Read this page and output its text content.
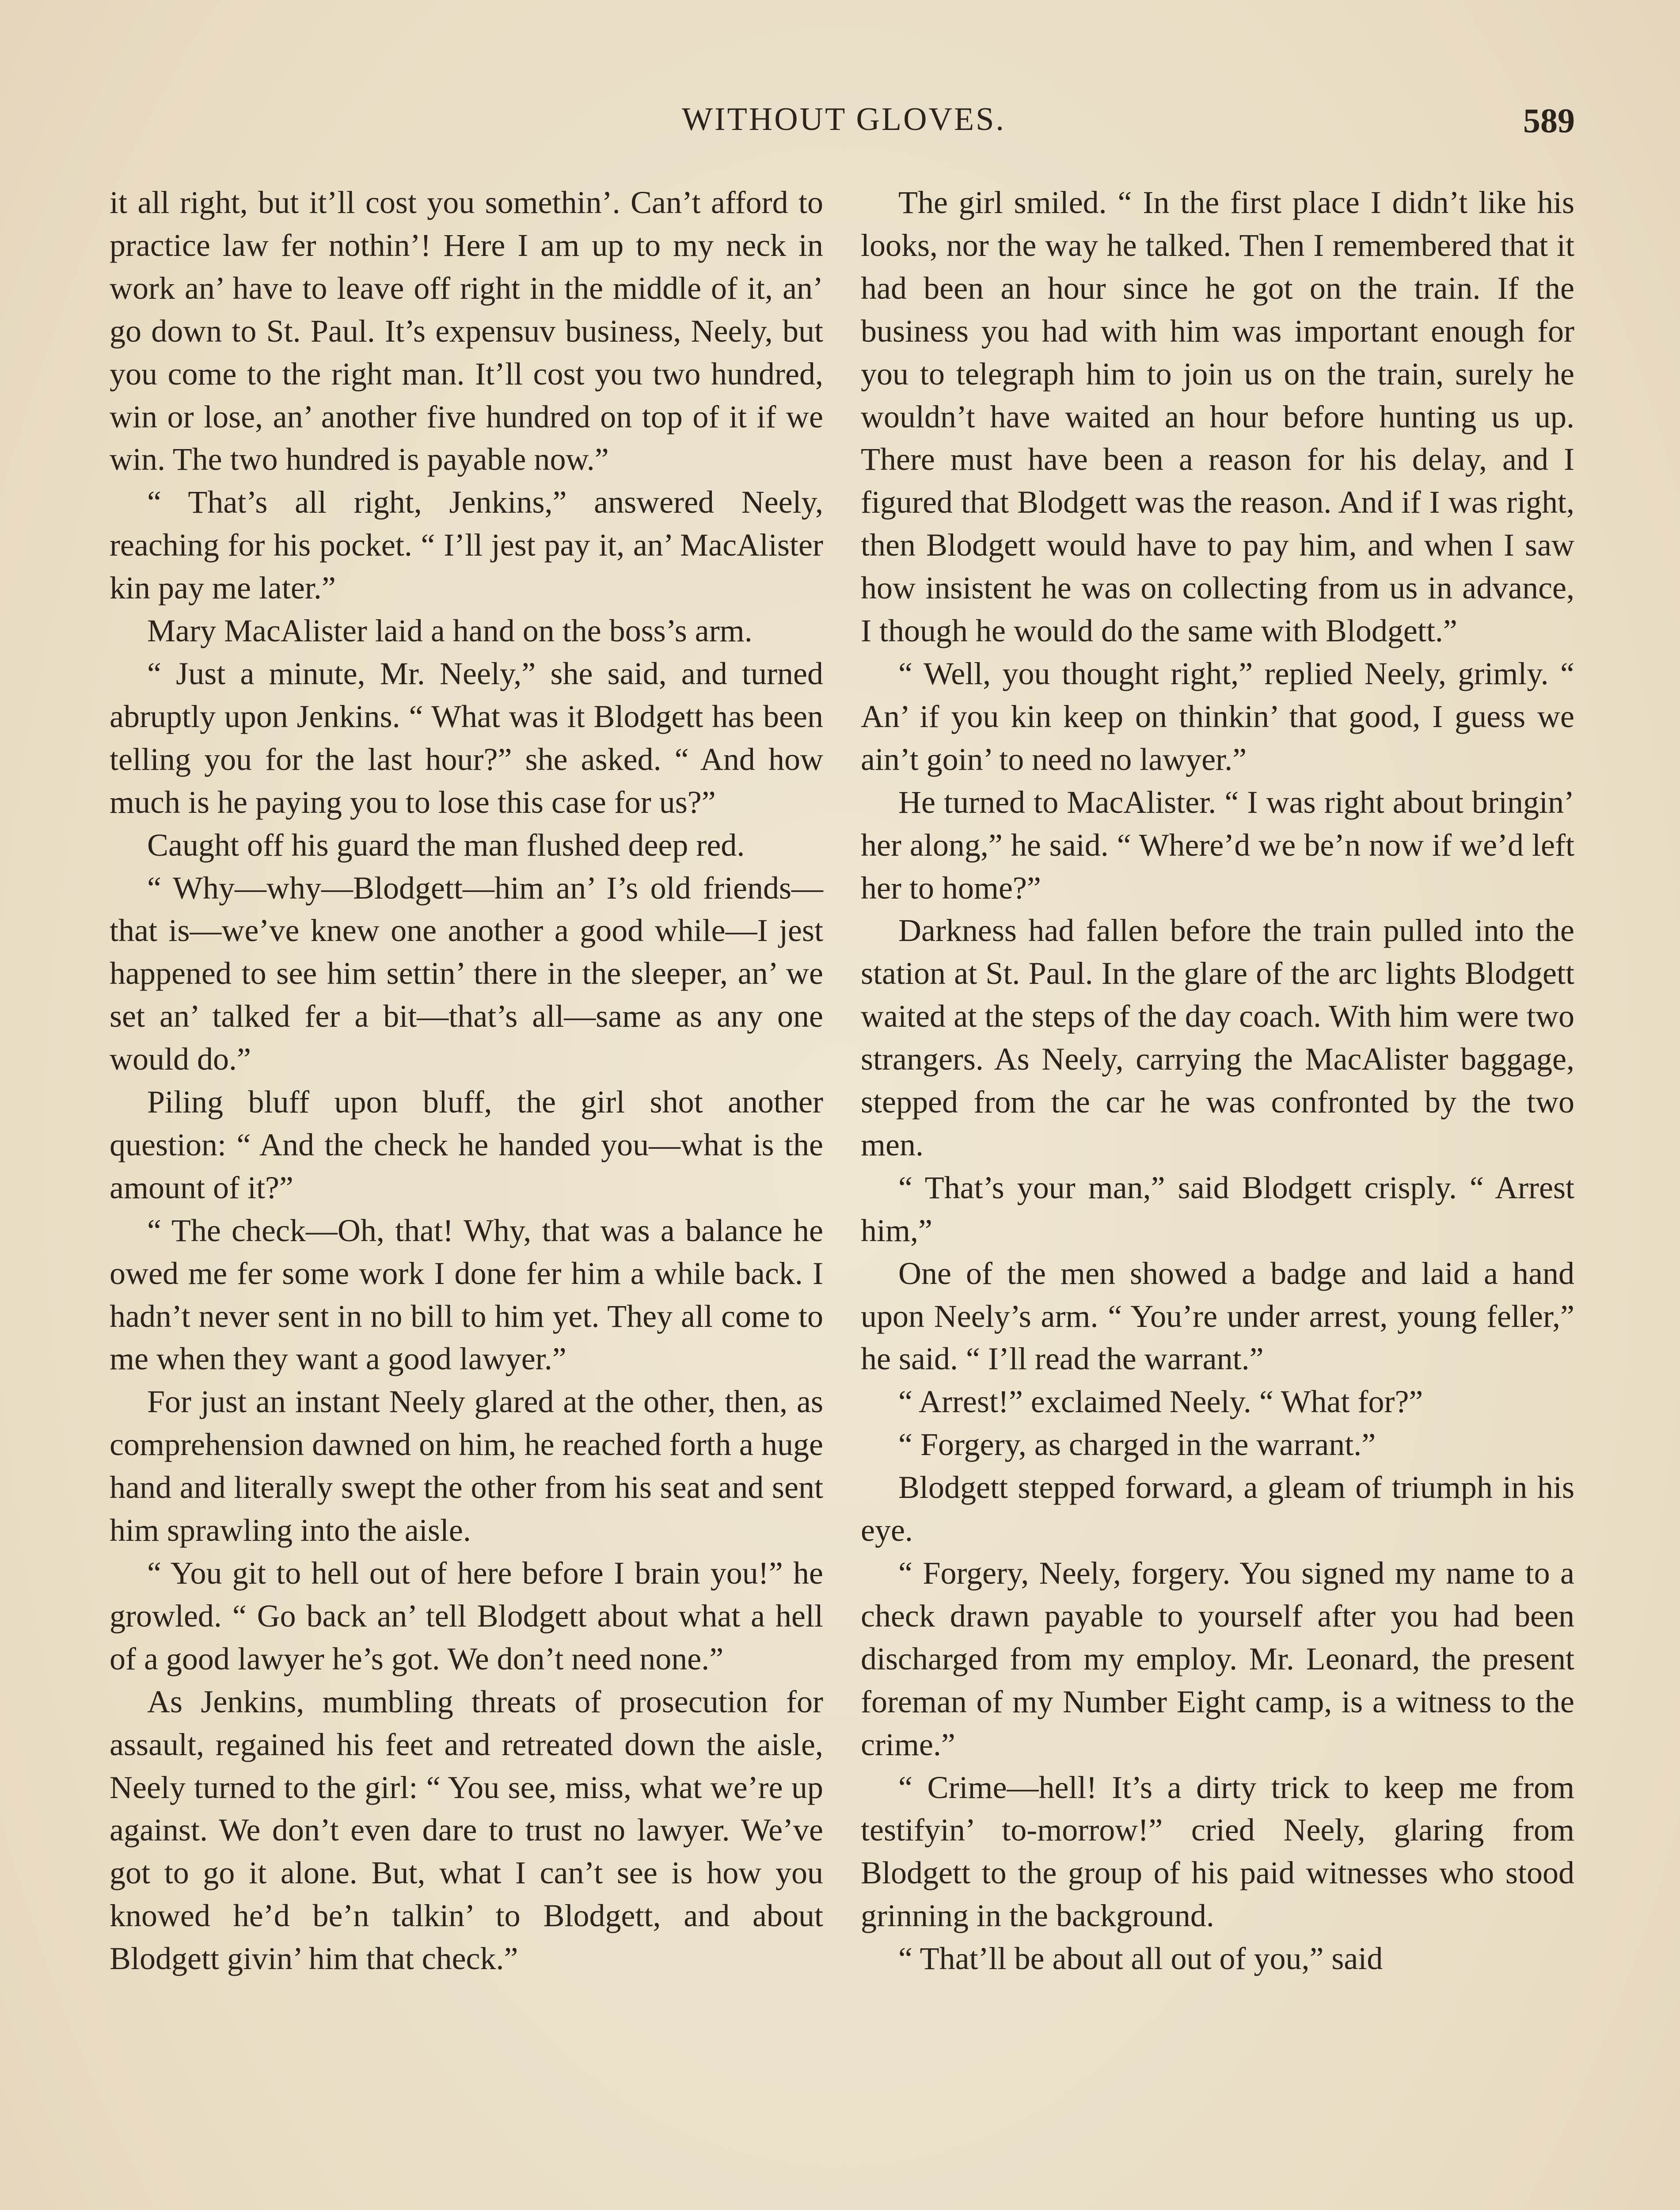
WITHOUT GLOVES.	589

it all right, but it’ll cost you somethin’. Can’t afford to practice law fer nothin’! Here I am up to my neck in work an’ have to leave off right in the middle of it, an’ go down to St. Paul. It’s expensuv business, Neely, but you come to the right man. It’ll cost you two hundred, win or lose, an’ another five hundred on top of it if we win. The two hundred is payable now.”

“ That’s all right, Jenkins,” answered Neely, reaching for his pocket. “ I’ll jest pay it, an’ MacAlister kin pay me later.”

Mary MacAlister laid a hand on the boss’s arm.

“ Just a minute, Mr. Neely,” she said, and turned abruptly upon Jenkins. “ What was it Blodgett has been telling you for the last hour?” she asked. “ And how much is he paying you to lose this case for us?”

Caught off his guard the man flushed deep red.

“ Why—why—Blodgett—him an’ I’s old friends—that is—we’ve knew one another a good while—I jest happened to see him settin’ there in the sleeper, an’ we set an’ talked fer a bit—that’s all—same as any one would do.”

Piling bluff upon bluff, the girl shot another question: “ And the check he handed you—what is the amount of it?”

“ The check—Oh, that! Why, that was a balance he owed me fer some work I done fer him a while back. I hadn’t never sent in no bill to him yet. They all come to me when they want a good lawyer.”

For just an instant Neely glared at the other, then, as comprehension dawned on him, he reached forth a huge hand and literally swept the other from his seat and sent him sprawling into the aisle.

“ You git to hell out of here before I brain you!” he growled. “ Go back an’ tell Blodgett about what a hell of a good lawyer he’s got. We don’t need none.”

As Jenkins, mumbling threats of prosecution for assault, regained his feet and retreated down the aisle, Neely turned to the girl: “ You see, miss, what we’re up against. We don’t even dare to trust no lawyer. We’ve got to go it alone. But, what I can’t see is how you knowed he’d be’n talkin’ to Blodgett, and about Blodgett givin’ him that check.”

The girl smiled. “ In the first place I didn’t like his looks, nor the way he talked. Then I remembered that it had been an hour since he got on the train. If the business you had with him was important enough for you to telegraph him to join us on the train, surely he wouldn’t have waited an hour before hunting us up. There must have been a reason for his delay, and I figured that Blodgett was the reason. And if I was right, then Blodgett would have to pay him, and when I saw how insistent he was on collecting from us in advance, I though he would do the same with Blodgett.”

“ Well, you thought right,” replied Neely, grimly. “ An’ if you kin keep on thinkin’ that good, I guess we ain’t goin’ to need no lawyer.”

He turned to MacAlister. “ I was right about bringin’ her along,” he said. “ Where’d we be’n now if we’d left her to home?”

Darkness had fallen before the train pulled into the station at St. Paul. In the glare of the arc lights Blodgett waited at the steps of the day coach. With him were two strangers. As Neely, carrying the MacAlister baggage, stepped from the car he was confronted by the two men.

“ That’s your man,” said Blodgett crisply. “ Arrest him,”

One of the men showed a badge and laid a hand upon Neely’s arm. “ You’re under arrest, young feller,” he said. “ I’ll read the warrant.”

“ Arrest!” exclaimed Neely. “ What for?”

“ Forgery, as charged in the warrant.”

Blodgett stepped forward, a gleam of triumph in his eye.

“ Forgery, Neely, forgery. You signed my name to a check drawn payable to yourself after you had been discharged from my employ. Mr. Leonard, the present foreman of my Number Eight camp, is a witness to the crime.”

“ Crime—hell! It’s a dirty trick to keep me from testifyin’ to-morrow!” cried Neely, glaring from Blodgett to the group of his paid witnesses who stood grinning in the background.

“ That’ll be about all out of you,” said
